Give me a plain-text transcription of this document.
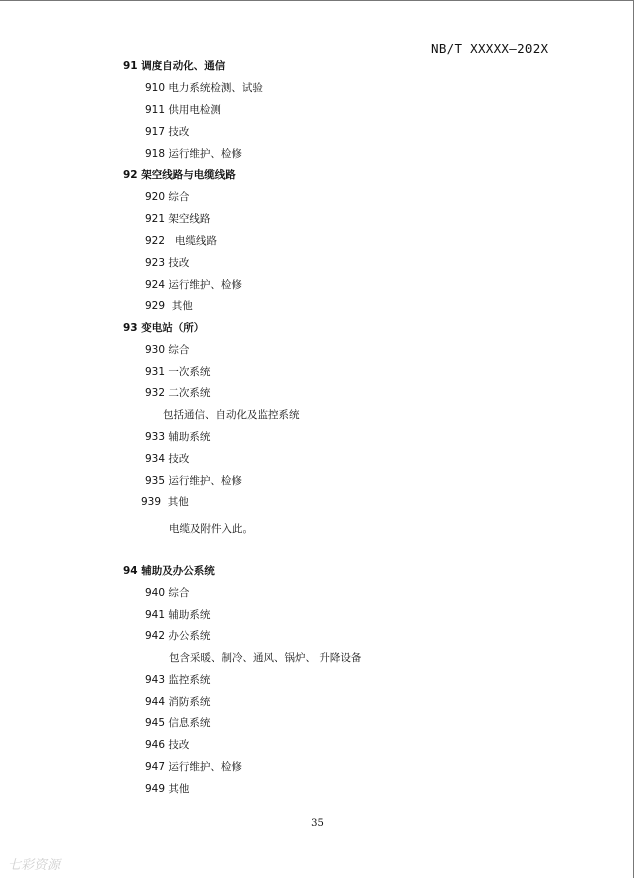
NB/T XXXXX—202X
91 调度自动化、通信
910 电力系统检测、试验
911 供用电检测
917 技改
918 运行维护、检修
92 架空线路与电缆线路
920 综合
921 架空线路
922   电缆线路
923 技改
924 运行维护、检修
929  其他
93 变电站（所）
930 综合
931 一次系统
932 二次系统
包括通信、自动化及监控系统
933 辅助系统
934 技改
935 运行维护、检修
939  其他
电缆及附件入此。
94 辅助及办公系统
940 综合
941 辅助系统
942 办公系统
包含采暖、制冷、通风、锅炉、 升降设备
943 监控系统
944 消防系统
945 信息系统
946 技改
947 运行维护、检修
949 其他
35
七彩资源
